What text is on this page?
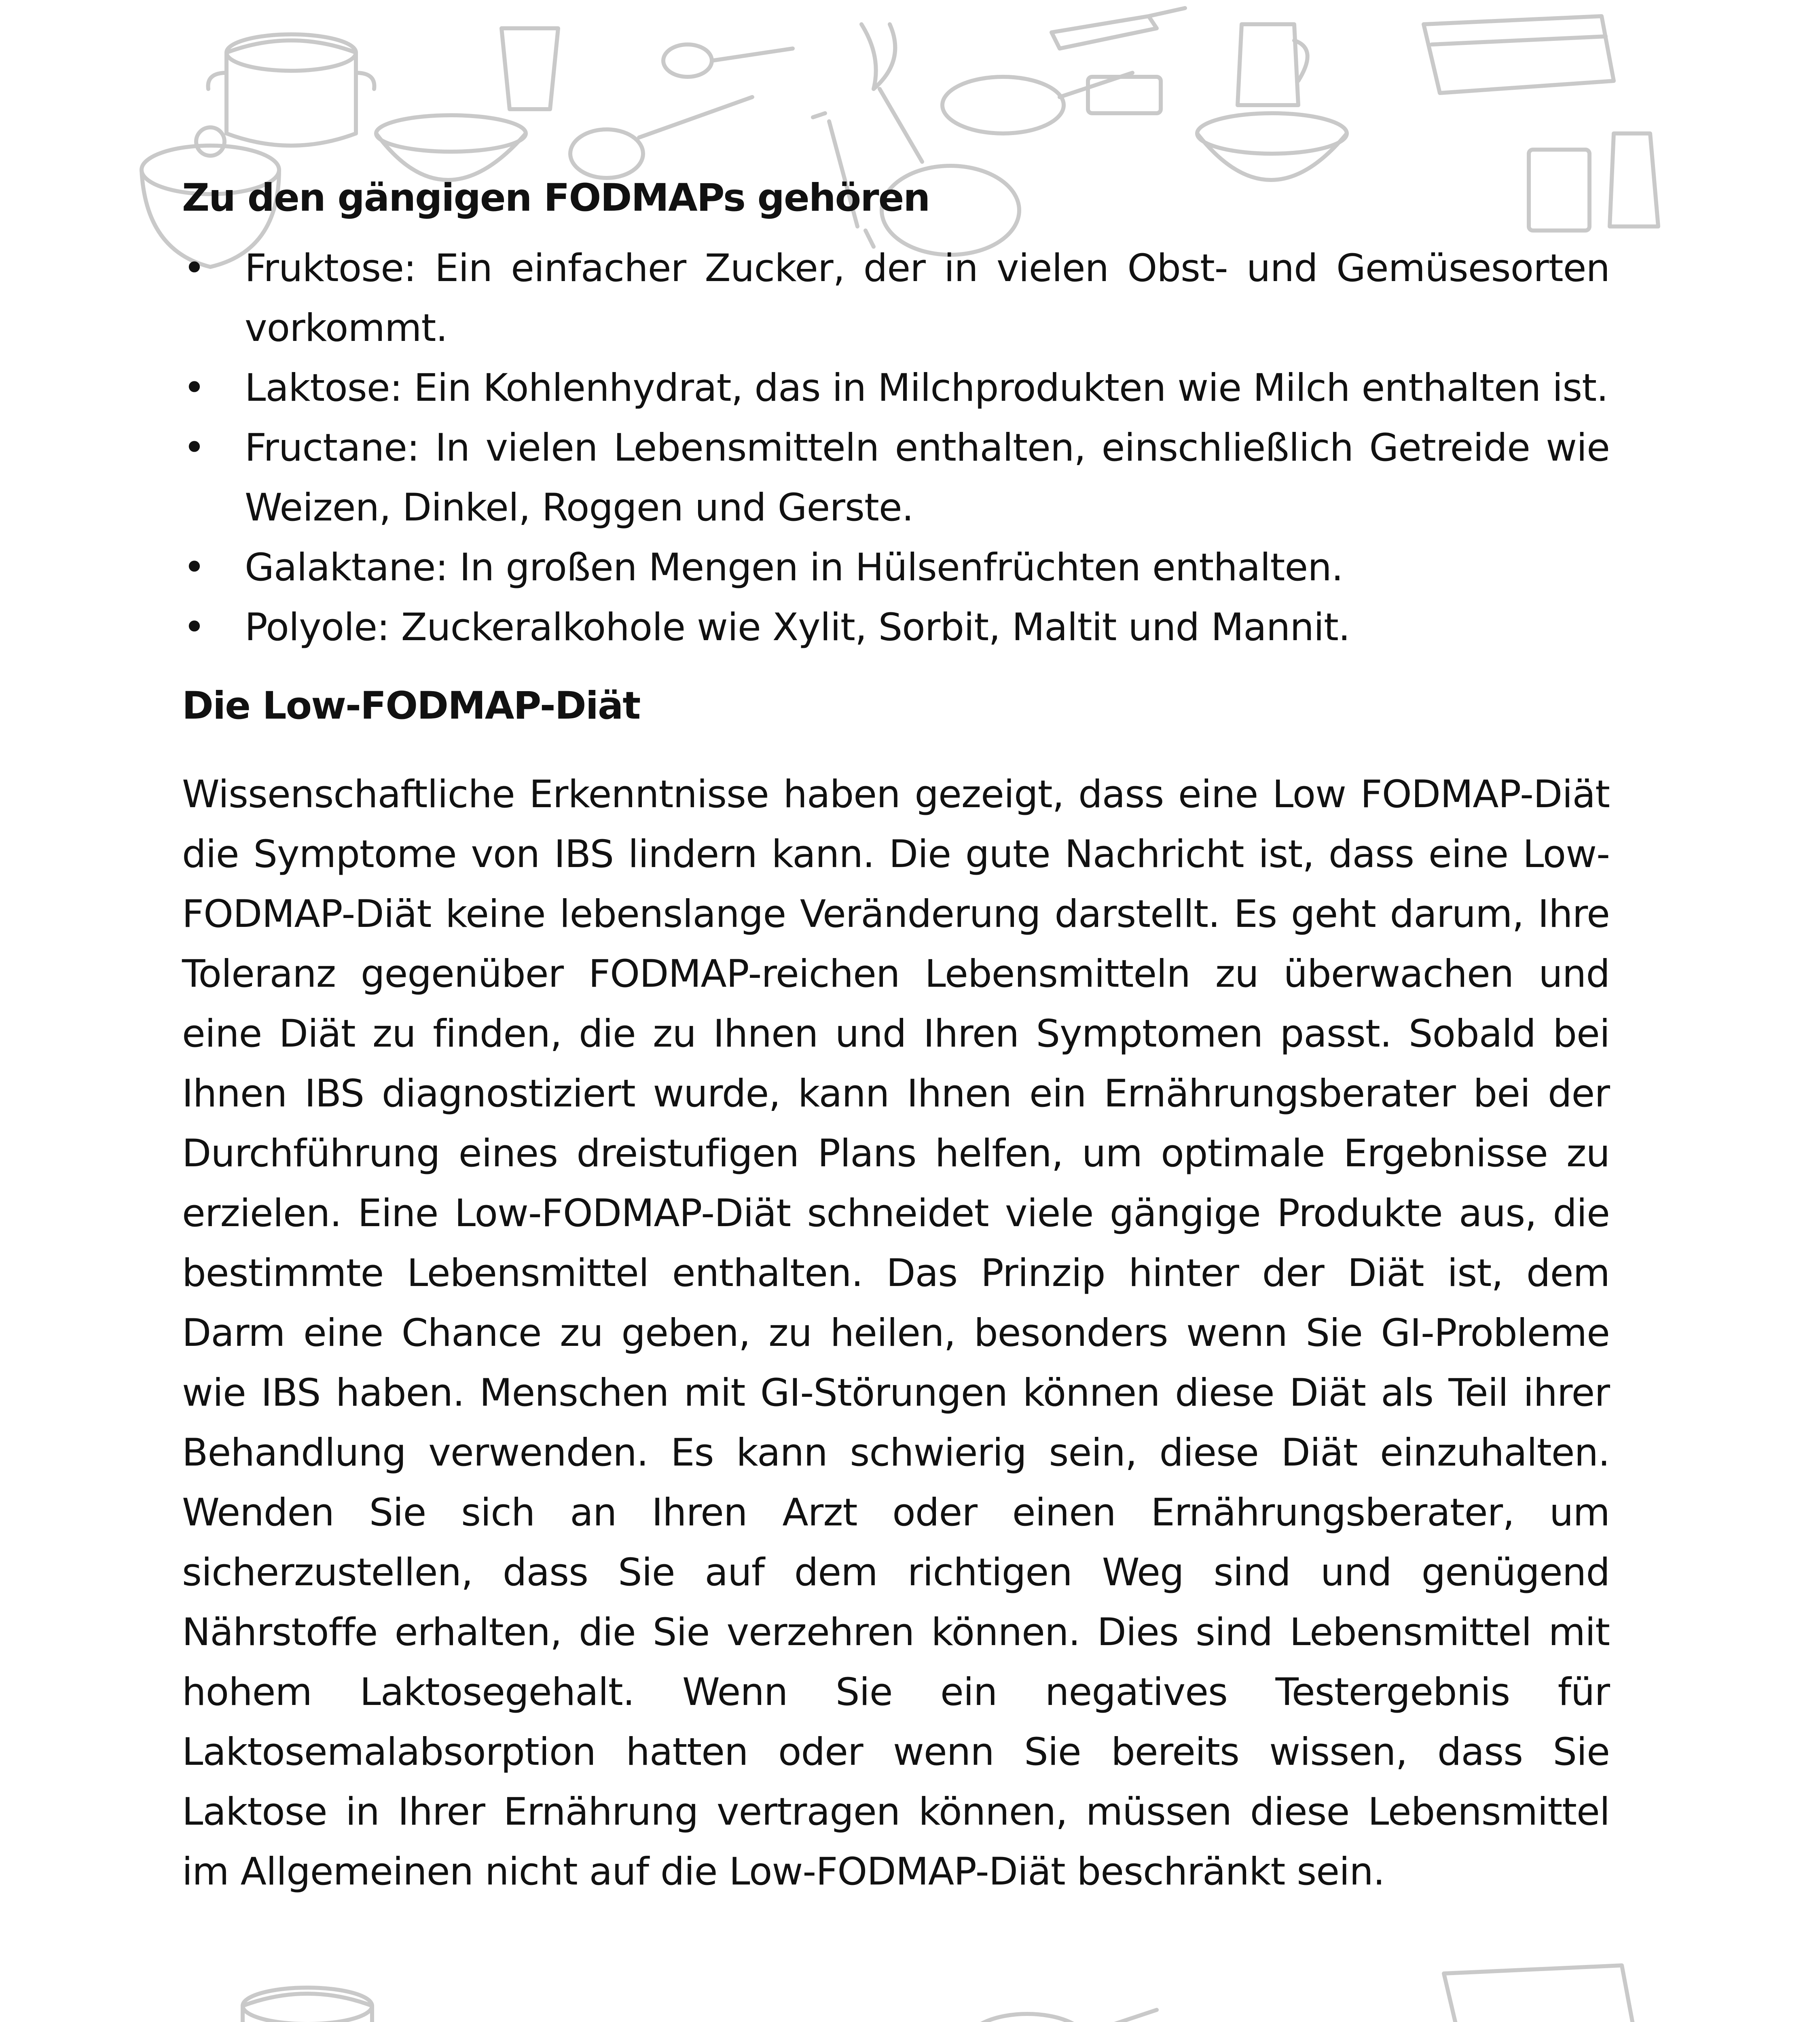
Zu den gängigen FODMAPs gehören
• Fruktose: Ein einfacher Zucker, der in vielen Obst- und Gemüsesorten vorkommt.
• Laktose: Ein Kohlenhydrat, das in Milchprodukten wie Milch enthalten ist.
• Fructane: In vielen Lebensmitteln enthalten, einschließlich Getreide wie Weizen, Dinkel, Roggen und Gerste.
• Galaktane: In großen Mengen in Hülsenfrüchten enthalten.
• Polyole: Zuckeralkohole wie Xylit, Sorbit, Maltit und Mannit.
Die Low-FODMAP-Diät

Wissenschaftliche Erkenntnisse haben gezeigt, dass eine Low FODMAP-Diät die Symptome von IBS lindern kann. Die gute Nachricht ist, dass eine Low-FODMAP-Diät keine lebenslange Veränderung darstellt. Es geht darum, Ihre Toleranz gegenüber FODMAP-reichen Lebensmitteln zu überwachen und eine Diät zu finden, die zu Ihnen und Ihren Symptomen passt. Sobald bei Ihnen IBS diagnostiziert wurde, kann Ihnen ein Ernährungsberater bei der Durchführung eines dreistufigen Plans helfen, um optimale Ergebnisse zu erzielen. Eine Low-FODMAP-Diät schneidet viele gängige Produkte aus, die bestimmte Lebensmittel enthalten. Das Prinzip hinter der Diät ist, dem Darm eine Chance zu geben, zu heilen, besonders wenn Sie GI-Probleme wie IBS haben. Menschen mit GI-Störungen können diese Diät als Teil ihrer Behandlung verwenden. Es kann schwierig sein, diese Diät einzuhalten. Wenden Sie sich an Ihren Arzt oder einen Ernährungsberater, um sicherzustellen, dass Sie auf dem richtigen Weg sind und genügend Nährstoffe erhalten, die Sie verzehren können. Dies sind Lebensmittel mit hohem Laktosegehalt. Wenn Sie ein negatives Testergebnis für Laktosemalabsorption hatten oder wenn Sie bereits wissen, dass Sie Laktose in Ihrer Ernährung vertragen können, müssen diese Lebensmittel im Allgemeinen nicht auf die Low-FODMAP-Diät beschränkt sein.
